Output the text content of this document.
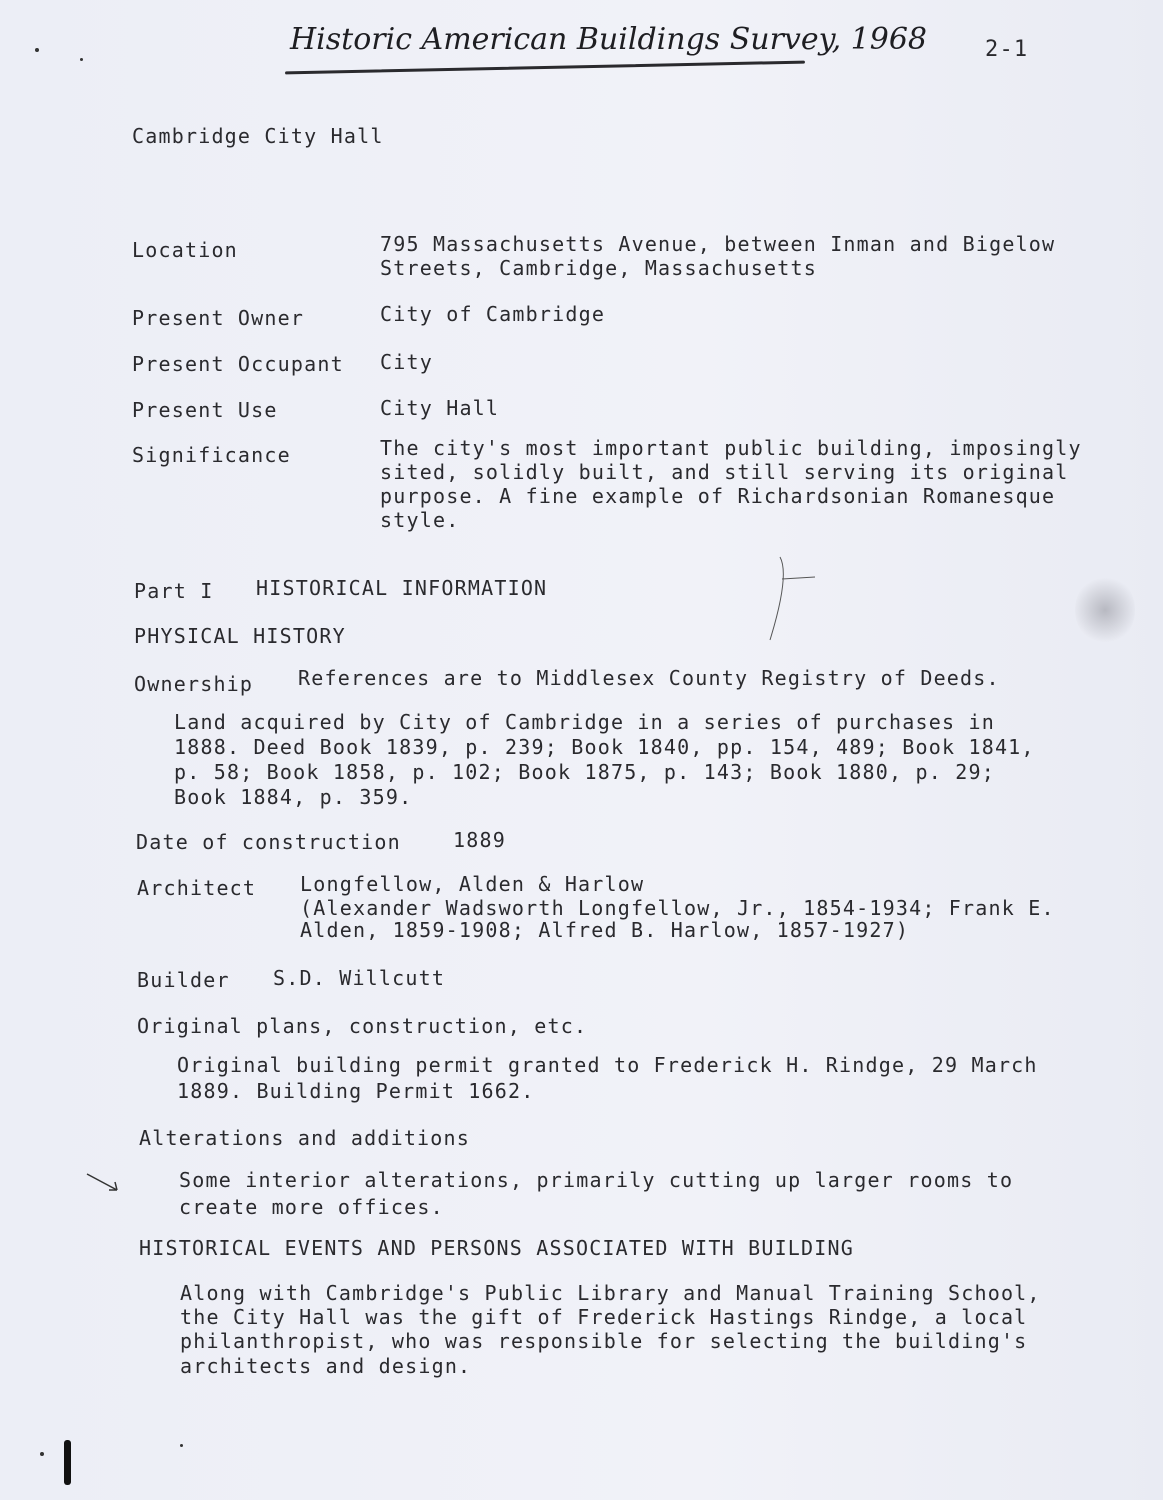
Historic American Buildings Survey, 1968	2-1
Cambridge City Hall
Location	795 Massachusetts Avenue, between Inman and Bigelow
Streets, Cambridge, Massachusetts
Present Owner	City of Cambridge
Present Occupant City
Present Use	City Hall
Significance	The city's most important public building, imposingly
sited, solidly built, and still serving its original
purpose. A fine example of Richardsonian Romanesque
style.
Part I HISTORICAL INFORMATION
PHYSICAL HISTORY
Ownership References are to Middlesex County Registry of Deeds.
Land acquired by City of Cambridge in a series of purchases in
1888. Deed Book 1839, p. 239; Book 1840, pp. 154, 489; Book 1841,
p. 58; Book 1858, p. 102; Book 1875, p. 143; Book 1880, p. 29;
Book 1884, p. 359.
Date of construction	1889
Architect Longfellow, Alden & Harlow
(Alexander Wadsworth Longfellow, Jr., 1854-1934; Frank E.
Alden, 1859-1908; Alfred B. Harlow, 1857-1927)
Builder S.D. Willcutt
Original plans, construction, etc.
Original building permit granted to Frederick H. Rindge, 29 March
1889. Building Permit 1662.
Alterations and additions
Some interior alterations, primarily cutting up larger rooms to
create more offices.
HISTORICAL EVENTS AND PERSONS ASSOCIATED WITH BUILDING
Along with Cambridge's Public Library and Manual Training School,
the City Hall was the gift of Frederick Hastings Rindge, a local
philanthropist, who was responsible for selecting the building's
architects and design.
